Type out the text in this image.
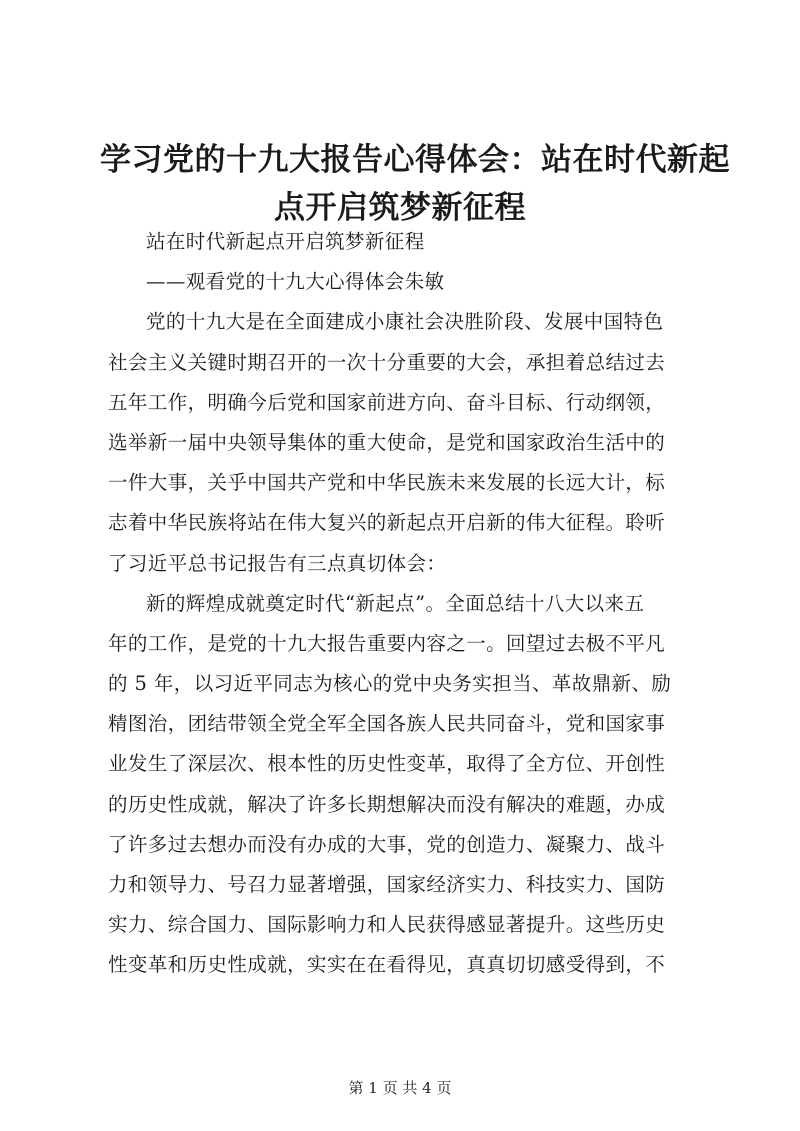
学习党的十九大报告心得体会：站在时代新起
点开启筑梦新征程
站在时代新起点开启筑梦新征程
——观看党的十九大心得体会朱敏
党的十九大是在全面建成小康社会决胜阶段、发展中国特色
社会主义关键时期召开的一次十分重要的大会，承担着总结过去
五年工作，明确今后党和国家前进方向、奋斗目标、行动纲领，
选举新一届中央领导集体的重大使命，是党和国家政治生活中的
一件大事，关乎中国共产党和中华民族未来发展的长远大计，标
志着中华民族将站在伟大复兴的新起点开启新的伟大征程。聆听
了习近平总书记报告有三点真切体会：
新的辉煌成就奠定时代“新起点”。全面总结十八大以来五
年的工作，是党的十九大报告重要内容之一。回望过去极不平凡
的 5 年，以习近平同志为核心的党中央务实担当、革故鼎新、励
精图治，团结带领全党全军全国各族人民共同奋斗，党和国家事
业发生了深层次、根本性的历史性变革，取得了全方位、开创性
的历史性成就，解决了许多长期想解决而没有解决的难题，办成
了许多过去想办而没有办成的大事，党的创造力、凝聚力、战斗
力和领导力、号召力显著增强，国家经济实力、科技实力、国防
实力、综合国力、国际影响力和人民获得感显著提升。这些历史
性变革和历史性成就，实实在在看得见，真真切切感受得到，不
第 1 页 共 4 页
